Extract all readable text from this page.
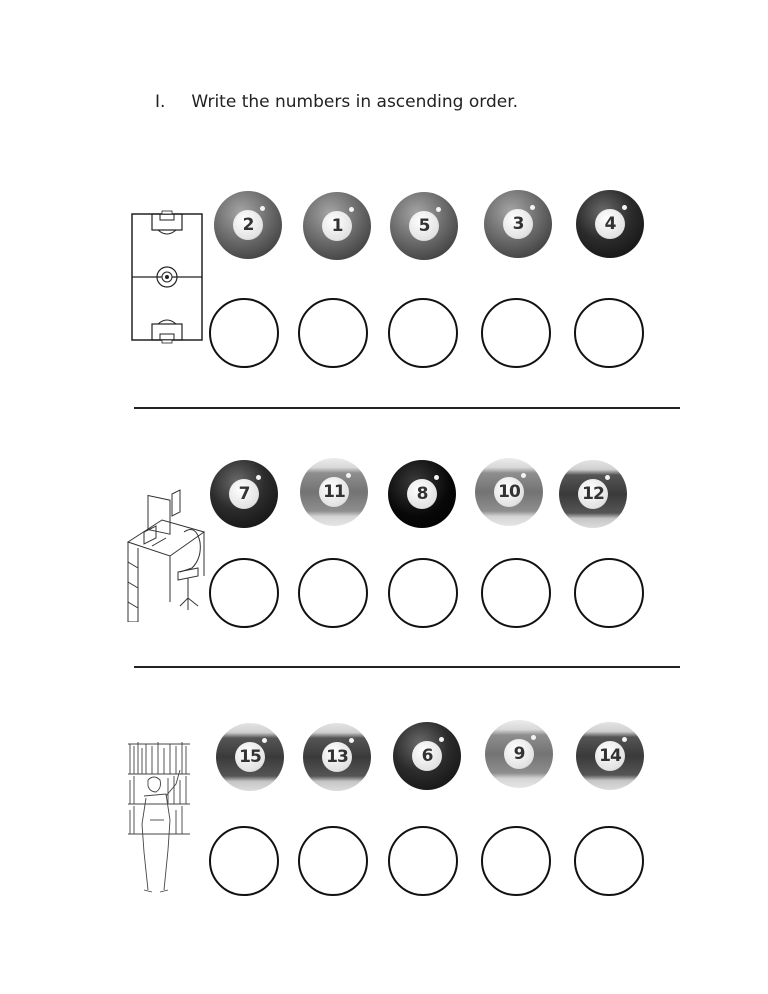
I. Write the numbers in ascending order.
2	1	5	3	4
7	11	8	10	12
15	13	6	9	14
